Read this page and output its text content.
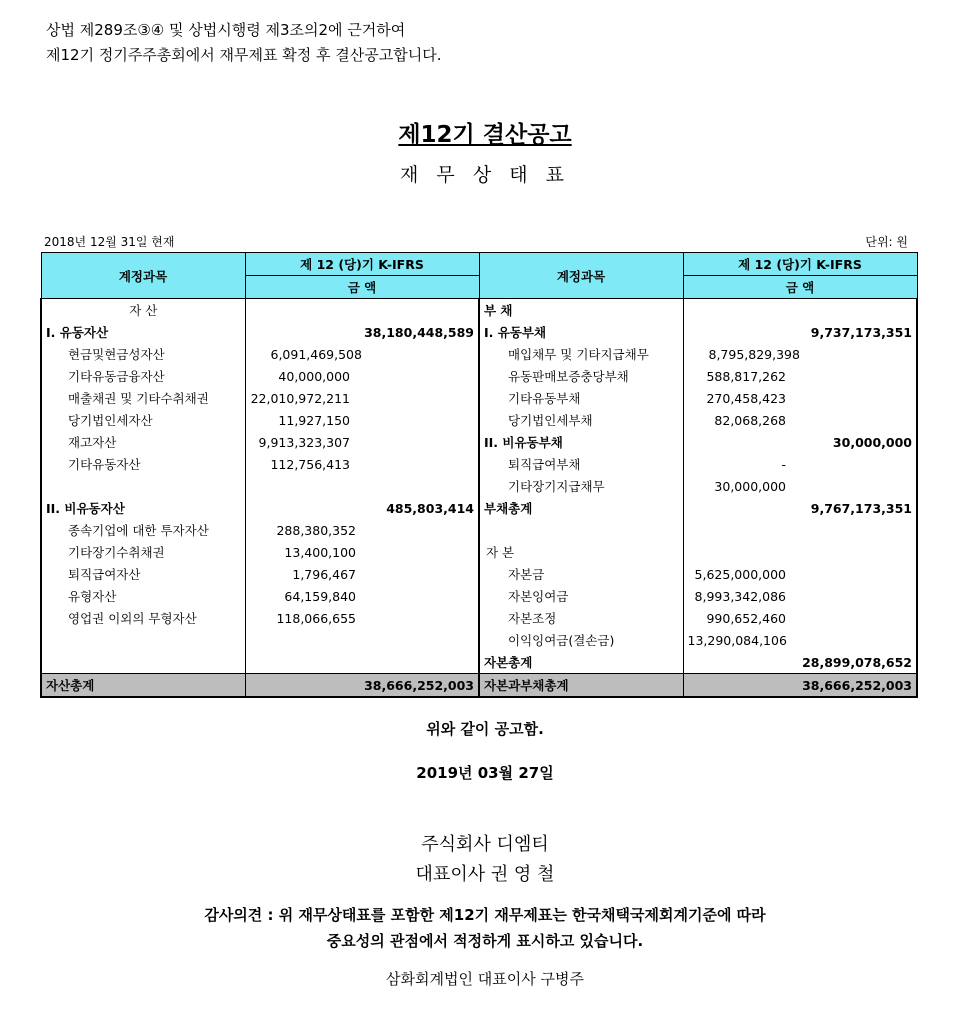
상법 제289조③④ 및 상법시행령 제3조의2에 근거하여
제12기 정기주주총회에서 재무제표 확정 후 결산공고합니다.
제12기 결산공고
재 무 상 태 표
2018년 12월 31일 현재	단위: 원
계정과목	제 12 (당)기 K-IFRS	계정과목	제 12 (당)기 K-IFRS
	금 액		금 액
자 산		부 채	
I. 유동자산	38,180,448,589	I. 유동부채	9,737,173,351
현금및현금성자산	6,091,469,508	매입채무 및 기타지급채무	8,795,829,398
기타유동금융자산	40,000,000	유동판매보증충당부채	588,817,262
매출채권 및 기타수취채권	22,010,972,211	기타유동부채	270,458,423
당기법인세자산	11,927,150	당기법인세부채	82,068,268
재고자산	9,913,323,307	II. 비유동부채	30,000,000
기타유동자산	112,756,413	퇴직급여부채	-
		기타장기지급채무	30,000,000
II. 비유동자산	485,803,414	부채총계	9,767,173,351
종속기업에 대한 투자자산	288,380,352		
기타장기수취채권	13,400,100	자 본	
퇴직급여자산	1,796,467	자본금	5,625,000,000
유형자산	64,159,840	자본잉여금	8,993,342,086
영업권 이외의 무형자산	118,066,655	자본조정	990,652,460
		이익잉여금(결손금)	13,290,084,106
		자본총계	28,899,078,652
자산총계	38,666,252,003	자본과부채총계	38,666,252,003
위와 같이 공고함.
2019년 03월 27일
주식회사 디엠티
대표이사 권 영 철
감사의견 : 위 재무상태표를 포함한 제12기 재무제표는 한국채택국제회계기준에 따라
중요성의 관점에서 적정하게 표시하고 있습니다.
삼화회계법인 대표이사 구병주
